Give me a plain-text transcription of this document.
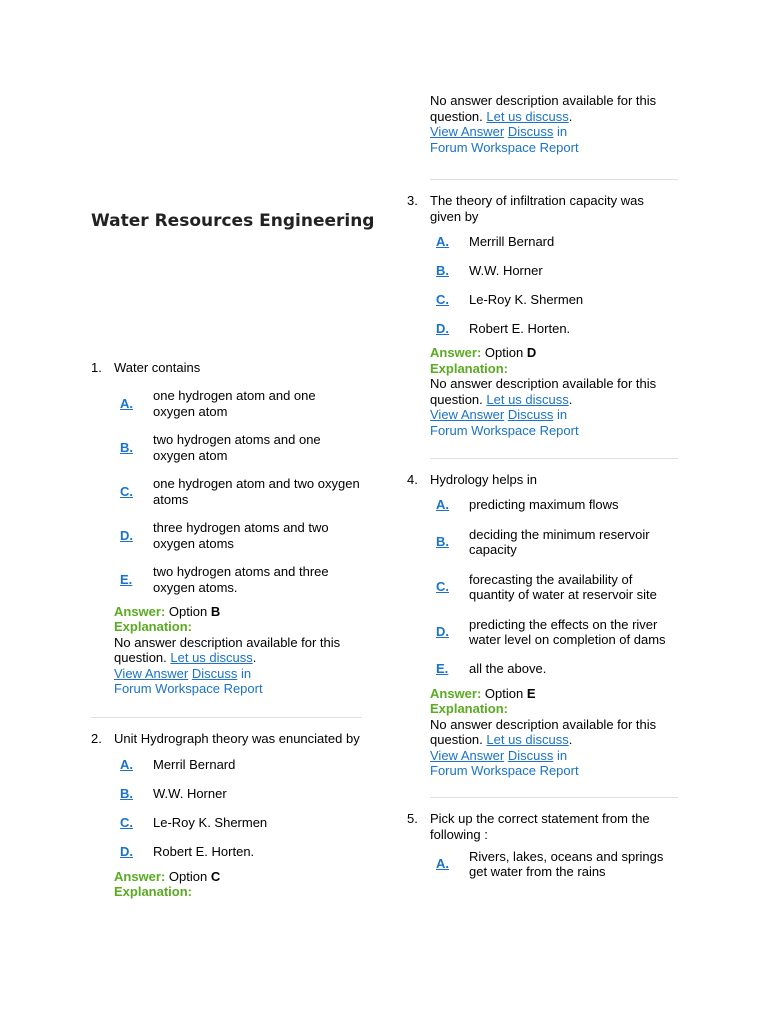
Water Resources Engineering
No answer description available for this question. Let us discuss.
View Answer Discuss in
Forum Workspace Report
1. Water contains
A.
one hydrogen atom and one oxygen atom
B.
two hydrogen atoms and one oxygen atom
C.
one hydrogen atom and two oxygen atoms
D.
three hydrogen atoms and two oxygen atoms
E.
two hydrogen atoms and three oxygen atoms.
Answer: Option B
Explanation:
No answer description available for this question. Let us discuss.
View Answer Discuss in
Forum Workspace Report
2. Unit Hydrograph theory was enunciated by
A.	Merril Bernard
B.	W.W. Horner
C.	Le-Roy K. Shermen
D.	Robert E. Horten.
Answer: Option C
Explanation:
3. The theory of infiltration capacity was given by
A.	Merrill Bernard
B.	W.W. Horner
C.	Le-Roy K. Shermen
D.	Robert E. Horten.
Answer: Option D
Explanation:
No answer description available for this question. Let us discuss.
View Answer Discuss in
Forum Workspace Report
4. Hydrology helps in
A.	predicting maximum flows
B.
deciding the minimum reservoir capacity
C.
forecasting the availability of quantity of water at reservoir site
D.
predicting the effects on the river water level on completion of dams
E.	all the above.
Answer: Option E
Explanation:
No answer description available for this question. Let us discuss.
View Answer Discuss in
Forum Workspace Report
5. Pick up the correct statement from the following :
A.
Rivers, lakes, oceans and springs get water from the rains
